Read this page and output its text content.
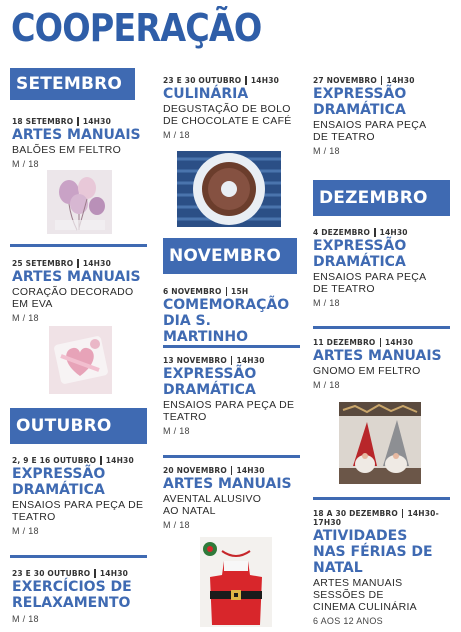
COOPERAÇÃO
SETEMBRO
18 SETEMBRO 14H30
ARTES MANUAIS
BALÕES EM FELTRO
M / 18
25 SETEMBRO 14H30
ARTES MANUAIS
CORAÇÃO DECORADO EM EVA
M / 18
OUTUBRO
2, 9 E 16 OUTUBRO 14H30
EXPRESSÃO DRAMÁTICA
ENSAIOS PARA PEÇA DE TEATRO
M / 18
23 E 30 OUTUBRO 14H30
EXERCÍCIOS DE RELAXAMENTO
M / 18
23 E 30 OUTUBRO 14H30
CULINÁRIA
DEGUSTAÇÃO DE BOLO DE CHOCOLATE E CAFÉ
M / 18
NOVEMBRO
6 NOVEMBRO 15H
COMEMORAÇÃO DIA S. MARTINHO
13 NOVEMBRO 14H30
EXPRESSÃO DRAMÁTICA
ENSAIOS PARA PEÇA DE TEATRO
M / 18
20 NOVEMBRO 14H30
ARTES MANUAIS
AVENTAL ALUSIVO AO NATAL
M / 18
27 NOVEMBRO 14H30
EXPRESSÃO DRAMÁTICA
ENSAIOS PARA PEÇA DE TEATRO
M / 18
DEZEMBRO
4 DEZEMBRO 14H30
EXPRESSÃO DRAMÁTICA
ENSAIOS PARA PEÇA DE TEATRO
M / 18
11 DEZEMBRO 14H30
ARTES MANUAIS
GNOMO EM FELTRO
M / 18
18 A 30 DEZEMBRO 14H30-17H30
ATIVIDADES NAS FÉRIAS DE NATAL
ARTES MANUAIS SESSÕES DE CINEMA CULINÁRIA
6 AOS 12 ANOS
